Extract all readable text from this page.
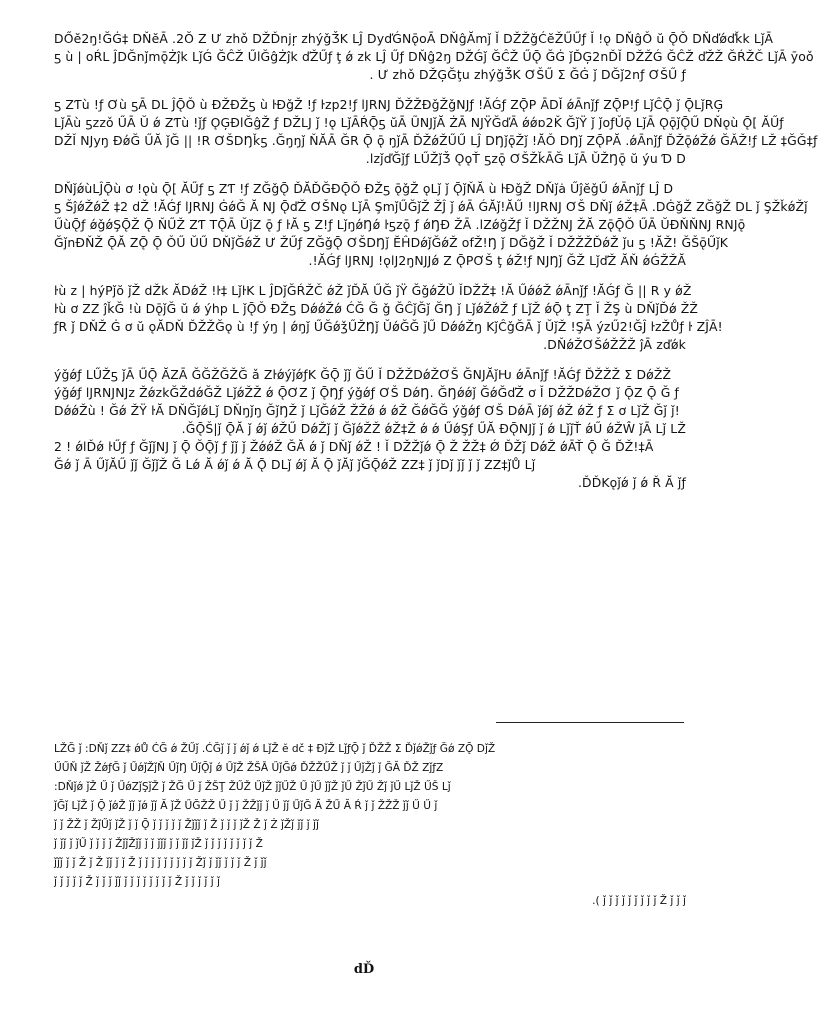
DŐĕ2ŋ!ĞĠ‡ DŇĕĀ .2Ŏ Z Ư zhǒ DŽĎnjŗ zhýǧǮK LĴ DyďǴNǭoĀ DŇĝĂmǰ Ǐ DŽŽǧĆĕŽŰŰƒ Ǐ !ǫ DŇĝǑ ŭ ǬǑ DŇďǿďǩk LǰĀ
ƽ ù | oŔL ĴDĞnǰmǭŻĵk LǰǴ ĞĈŽ ŰlĞĝŻĵk ďŽŰƒ ţ ǿ zk LĴ Űƒ DŇĝ2ŋ DŽǴǰ ĞĈŽ ŰǬ ĞĠ ǰĎĢ2nĎǏ DŽŽǴ ĞĈŽ ďŽŽ ĞŔŽČ LǰĀ ȳoǒ
. Ư zhǒ DŽĢĞţu zhýǧǮK ƠŠŰ Σ ĞĠ ǰ DĞǰ2nƒ ƠŠŰ ƒ
ƽ ZƬù !ƒ Ơù ƽĀ DL ĴǬǑ ù ĐŽĐŽƽ ù ŀĐǧŽ !ƒ ŀzp2!ƒ lJRNJ ĎŽŽĐǧŽǧNJƒ !ĂǴƒ ZǬP ĀDǏ ǿĀnǰƒ ZǬP!ƒ LǰĈǬ ǰ ǬLǰRĢ
LǰĀù ƽzzǒ ŰĀ Ŭ ǿ ZƬù !ǰƒ ǪĢĐlĞĝŽ ƒ DŽLJ ǰ !ǫ LǰĀŔǬƽ ŭĀ ŨNJǰĂ ŻĀ NJŸĞďĀ ǿǿɒ2Ǩ ĞǰŸ ǰ ǰoƒǓǭ LǰĀ ǪǭǰǬŰ DŇǫù Ǭ[ ĂŰƒ
DŽǏ NJyŋ ĐǿĞ ŰĂ ǰĞ || !R ƠŠDŊǩƽ .Ğŋŋǰ ŇĂĀ ĞR Ǭ ǭ ŋǰĀ ĎŽǿŽŰŰ LĴ DŊǰǭŽǰ !ĂǑ DŊǰ ZǬPĂ .ǿĀnǰƒ ĎŽǭǿŽǿ ĞǍŽ!ƒ LŽ ‡ĞǦ‡ƒ
.lzǰďĞǰƒ LŰŽǰǮ ǪǫŤ ƽzǭ ƠŠŽǩĀĞ LǰĀ ŬŽŊǭ ŭ ýu Ɗ D
DŇǰǿùLĴǬù ơ !ǫù Ǭ[ ĂŰƒ ƽ ZƬ !ƒ ZĞǧǬ ĎĂĎĞĐǬǑ ĐŽƽ ǭǧŽ ǫLǰ ǰ ǬǰŇĂ ù ŀĐǧŽ DŇǰȧ ŰĵĕǧŰ ǿĀnǰƒ LĴ D
ƽ ŠĵǿŽǿŽ ‡2 dŽ !ĂǴƒ lJRNJ ĠǿǦ Ă NJ ǬďŽ ƠŠNǫ LǰĀ ŞmǰŰĞǰŽ ŽĴ ǰ ǿĀ ǴĂǰ!ĂŰ !lJRNJ ƠŠ DŇǰ ǿŽ‡Ā .DĠǧŽ ZĞǧŽ DL ǰ ŞŽǩǿŽǰ
ŰùǬƒ ǿǧǿŞǬŽ Ǭ ŇŰŽ ZƬ TǬĀ ŬǰZ ǭ ƒ ŀĂ ƽ Z!ƒ LǰŋǿŊǿ ŀƽzǭ ƒ ǿŊĐ ŽĀ .lZǿǧŽƒ Ǐ DŽŽNJ ŽĂ ZǭǬǑ ŰĀ ŬĐŇŇNJ RNJǭ
ĞǰnĐŇŽ ǬĂ ZǬ Ǭ ǑŰ ŬŰ DŇǰĞǿŽ Ư ŽŰƒ ZĞǧǬ ƠŠDŊǰ ĔĤDǿǰĞǿŽ ofŽ!Ŋ ǰ DĞǧŽ Ǐ DŽŽŽĎǿŽ ǰu ƽ !ĂŽ! ĞŠǭŰǰK
.!ĂǴƒ lJRNJ !ǫlJ2ŋNJJǿ Z ǬPƠŠ ţ ǿŽ!ƒ NJŊǰ ĞŽ LǰďŽ ĂŇ ǿǴŽŽĂ
ŀù z | hýPǰŏ ǰŽ dŽk ĂDǿŽ !ŀ‡ LǰŀK L ĴDǰĞŔŽČ ǿŽ ǰĎĂ ŰĞ ǰŸ ĞǧǿŽŬ ǏDŽŽ‡ !Ă ŰǿǿŽ ǿĀnǰƒ !ĂǴƒ Ğ || R y ǿŽ
ŀù ơ ZZ ĵǩĞ !ù DǭǰĞ ŭ ǿ ýhp L ǰǬǑ ĐŽƽ DǿǿŽǿ ĆĞ Ğ ǧ ĞĈǰĞǰ ĞŊ ǰ LǰǿŽǿŽ ƒ LǰŽ ǿǬ ţ ZŢ Ǐ ŽŞ ù DŇǰĎǿ ŽŽ
ƒR ǰ DŇŽ Ġ ơ ŭ ǫĂDŇ ĎŽŽĞǫ ù !ƒ ýŋ | ǿŋǰ ŰĞǿǯŰŽŊǰ ŬǿĞĞ ǰŰ DǿǿŽŋ KǰĈǧĞĀ ǰ ŬǰŽ !ŞĀ ýzŰ2!ĞĴ ŀzŽŮƒ ŀ ZĴĀ!
.DŇǿŽƠŠǿŽŽŽ ĵĀ zďǿk
ýǧǿƒ LŰŽƽ ǰĀ ŰǬ ĂZĀ ĞĞŽĞŽĞ ǎ ZŀǿýǰǿƒK ĞǬ ǰǰ ĞŰ Ǐ DŽŽDǿŽƠŠ ĞNJĂǰǶ ǿĀnǰƒ !ĂǴƒ ĎŽŽŽ Σ DǿŽŽ
ýǧǿƒ lJRNJNJz ŽǿzkĞŽdǿĞŽ LǰǿŽŽ ǿ ǬƠZ ǰ ǬŊƒ ýǧǿƒ ƠŠ DǿŊ. ĞŊǿǿǰ ĞǿĞďŽ ơ Ǐ DŽŽDǿŽƠ ǰ ǬZ Ǭ Ğ ƒ
DǿǿŽù ! Ğǿ ŽŸ ŀĂ DŇĞǰǿLǰ DŇŋǰŋ ĞǰŊŽ ǰ LǰĞǿŽ ŽŽǿ ǿ ǿŽ ĞǿĞĞ ýǧǿƒ ƠŠ DǿĀ ǰǿǰ ǿŽ ǿŽ ƒ Ʃ ơ LǰŽ Ğǰ ǰ!
.ĞǬŠ|ǰ ǬĂ ǰ ǿǰ ǿŽŰ DǿŽǰ ǰ ĞǰǿŽŽ ǿŽ‡Ž ǿ ǿ ŰǿŞƒ ŰĂ ĐǬNJǰ ǰ ǿ LǰǰŤ ǿŰ ǿŽŴ ǰĀ Lǰ LŽ
2 ! ǿlĎǿ ŀŰƒ ƒ ĞǰǰNJ ǰ Ǭ ŎǬǰ ƒ ǰǰ ǰ ŽǿǿŽ ĞĂ ǿ ǰ DŇǰ ǿŽ ! Ǐ DŽŽǰǿ Ǭ Ž ŽŽ‡ Ǿ ĎŽǰ DǿŽ ǿĀŤ Ǭ Ğ ĎŽ!‡Ā
Ğǿ ǰ Ā ŰǰĂŰ ǰǰ ĞǰǰŽ Ğ Lǿ Ă ǿǰ ǿ Ă Ǭ DLǰ ǿǰ Ă Ǭ ǰĂǰ ǰĞǬǿŽ ZZ‡ ǰ ǰDǰ ǰǰ ǰ ǰ ZZ‡ǰŮ Lǰ
.ĎĎKǫǰǿ ǰ ǿ Ř Ă ǰƒ
LŽĞ ǰ :DŇǰ ZZ‡ ǿŮ ĆĞ ǿ ŽŰǰ .ĆĞǰ ǰ ǰ ǿǰ ǿ LǰŽ ĕ dč ‡ ĐǰŽ LǰƒǬ ǰ ĎŽŽ Σ ĎǰǿŽǰƒ Ğǿ ZǬ DǰŽ
ŰŰŇ ǰŽ ŽǿƒĞ ǰ ŰǿǰŽǰŇ ŰǰŊ ŰǰǬǰ ǿ ŰǰŽ ŽŠĀ ŰǰĞǿ ĎŽŽŰŽ ǰ ǰ ŰǰŽǰ ǰ ĞĂ ĎŽ ZǰƒZ
:DŇǰǿ ǰŽ Ű ǰ ŰǿZǰŞǰŽ ǰ ŽĞ Ű ǰ ŽŠŢ ŽŰŽ ŰǰŽ ǰǰŰŽ Ű ǰŰ ǰǰŽ ǰŰ ŽǰŰ Žǰ ǰŰ LǰŽ ŰŠ Lǰ
ǰĞǰ LǰŽ ǰ Ǭ ǰǿŽ ǰǰ ǰǿ ǰǰ Ă ǰŽ ŰĞŽŽ Ű ǰ ǰ ŽŽǰǰ ǰ Ű ǰǰ ŰǰĞ Ă ŽŰ Ă Ŕ ǰ ǰ ŽŽŽ ǰǰ Ű Ű ǰ
ǰ ǰ ŽŽ ǰ ŽǰŰǰ ǰŽ ǰ ǰ Ǭ ǰ ǰ ǰ ǰ ǰ Žǰǰǰ ǰ Ž ǰ ǰ ǰ ǰŽ Ž ǰ Ż ǰŽǰ ǰǰ ǰ ǰǰ
ǰ ǰǰ ǰ ǰŰ ǰ ǰ ǰ ǰ ŽǰǰŽǰǰ ǰ ǰ ǰǰǰ ǰ ǰ ǰǰ ǰŽ ǰ ǰ ǰ ǰ ǰ ǰ ǰ ǰ Ž
ǰǰǰ ǰ ǰ Ž ǰ Ž ǰǰ ǰ ǰ Ž ǰ ǰ ǰ ǰ ǰ ǰ ǰ ǰ ǰ Žǰ ǰ ǰǰ ǰ ǰ ǰ Ž ǰ ǰǰ
ǰ ǰ ǰ ǰ ǰ Ž ǰ ǰ ǰ ǰǰ ǰ ǰ ǰ ǰ ǰ ǰ ǰ ǰ Ž ǰ ǰ ǰ ǰ ǰ ǰ
.( ǰ ǰ ǰ ǰ ǰ ǰ ǰ ǰ ǰ Ž ǰ ǰ ǰ
dĎ
